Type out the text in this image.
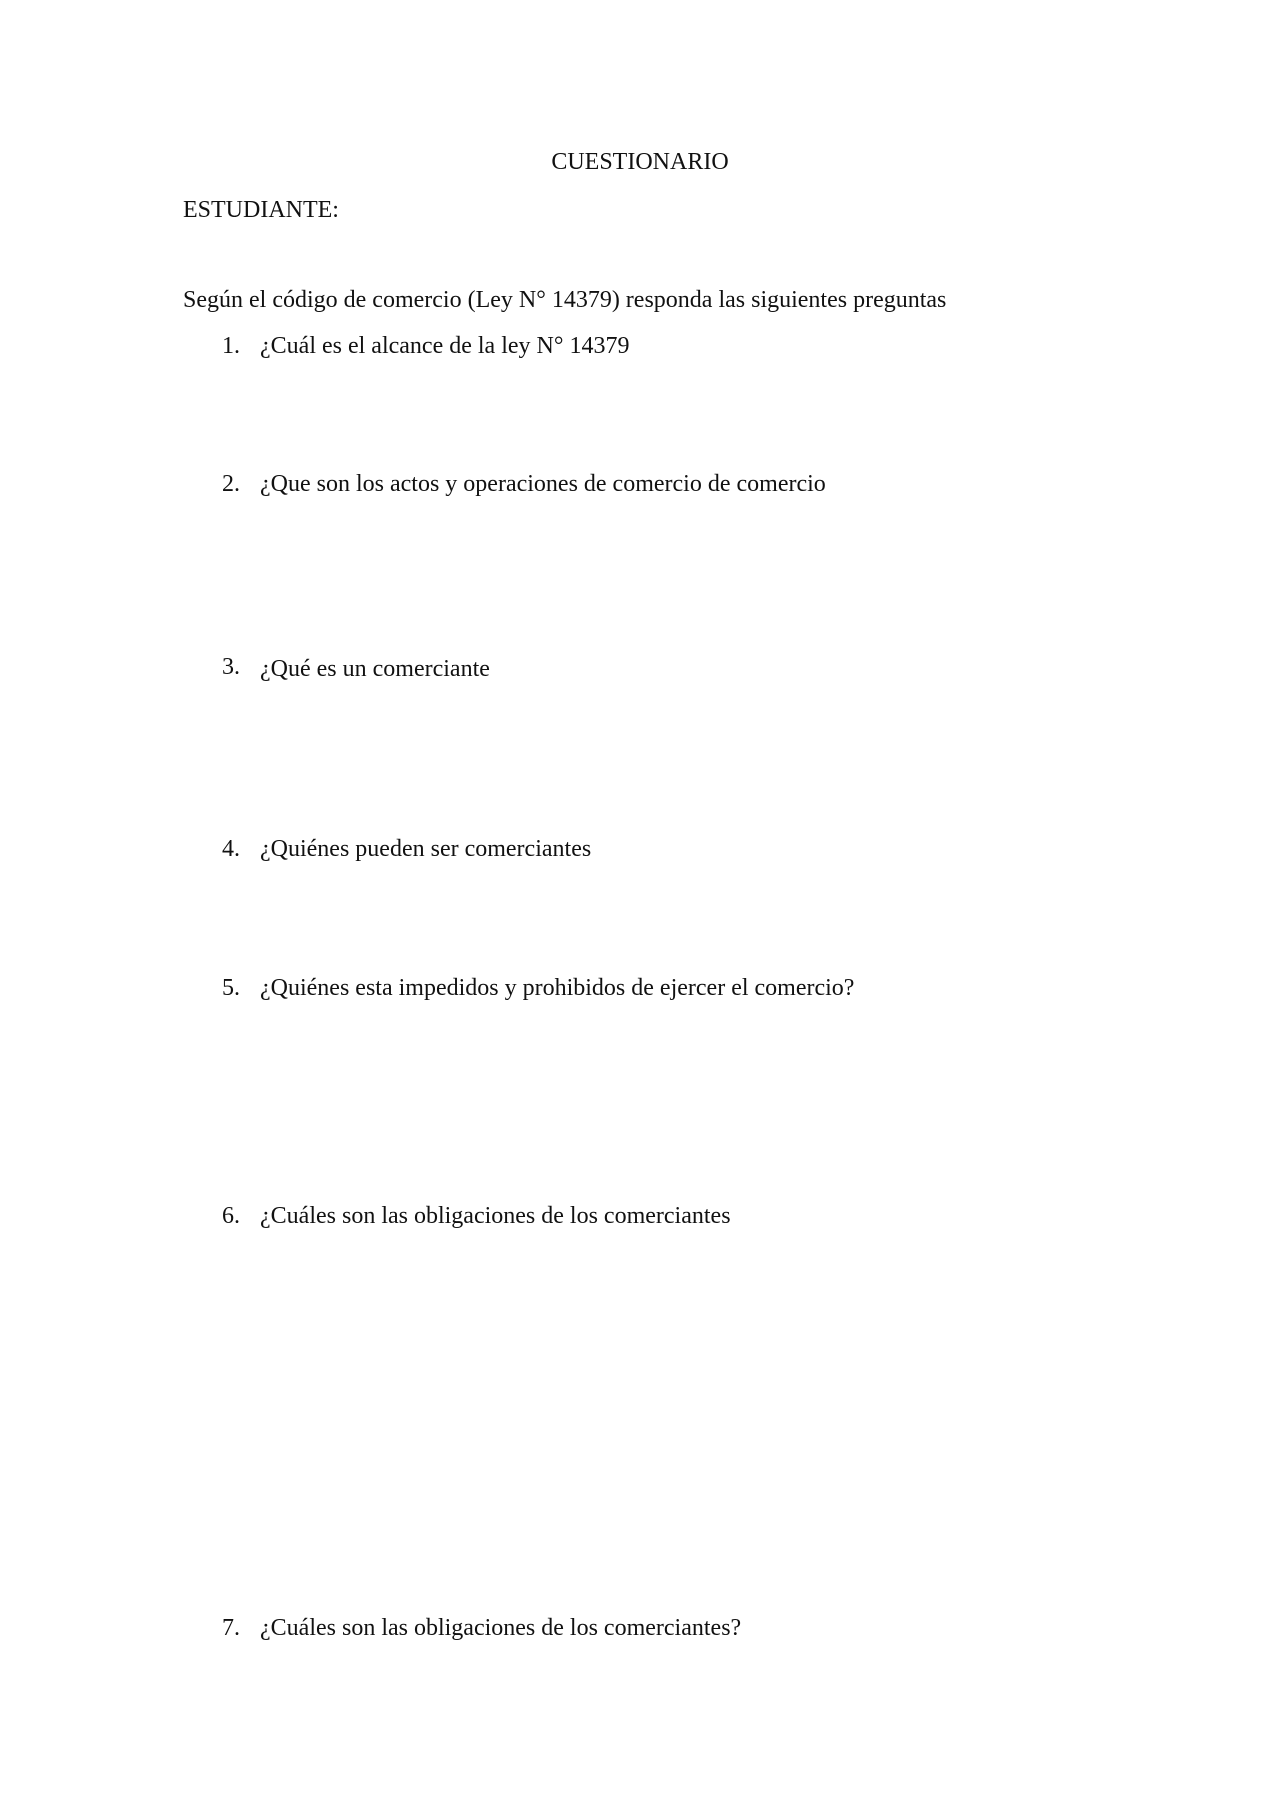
CUESTIONARIO
ESTUDIANTE:
Según el código de comercio (Ley N° 14379) responda las siguientes preguntas
1. ¿Cuál es el alcance de la ley N° 14379
2. ¿Que son los actos y operaciones de comercio de comercio
3. ¿Qué es un comerciante
4. ¿Quiénes pueden ser comerciantes
5. ¿Quiénes esta impedidos y prohibidos de ejercer el comercio?
6. ¿Cuáles son las obligaciones de los comerciantes
7. ¿Cuáles son las obligaciones de los comerciantes?
